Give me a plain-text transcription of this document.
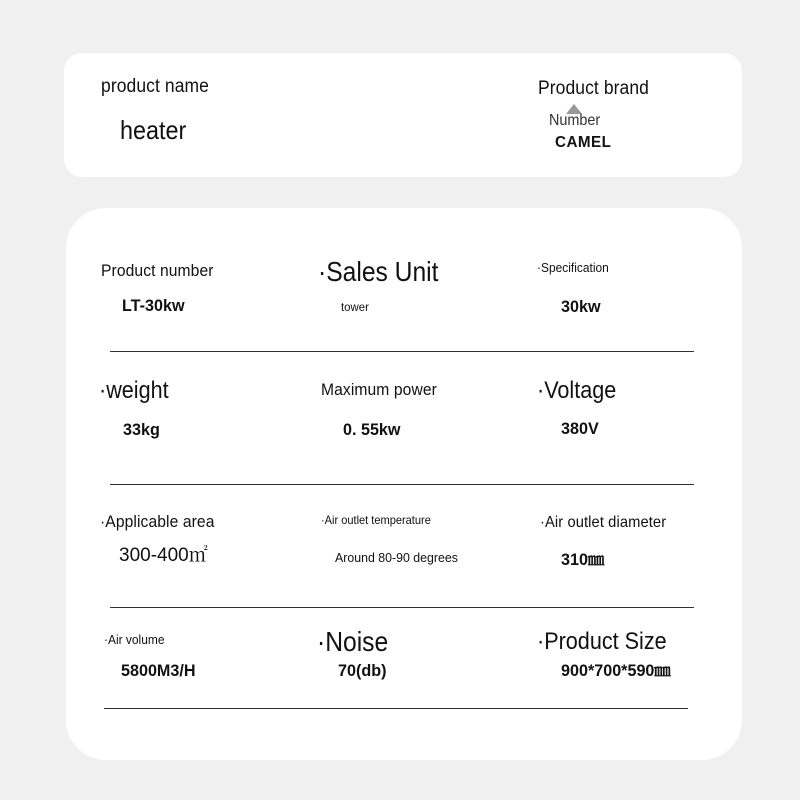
product name
heater
Product brand
Number
CAMEL
Product number
LT-30kw
·Sales Unit
tower
·Specification
30kw
·weight
33kg
Maximum power
0. 55kw
·Voltage
380V
·Applicable area
300-400㎡
·Air outlet temperature
Around 80-90 degrees
·Air outlet diameter
310㎜
·Air volume
5800M3/H
·Noise
70(db)
·Product Size
900*700*590㎜
